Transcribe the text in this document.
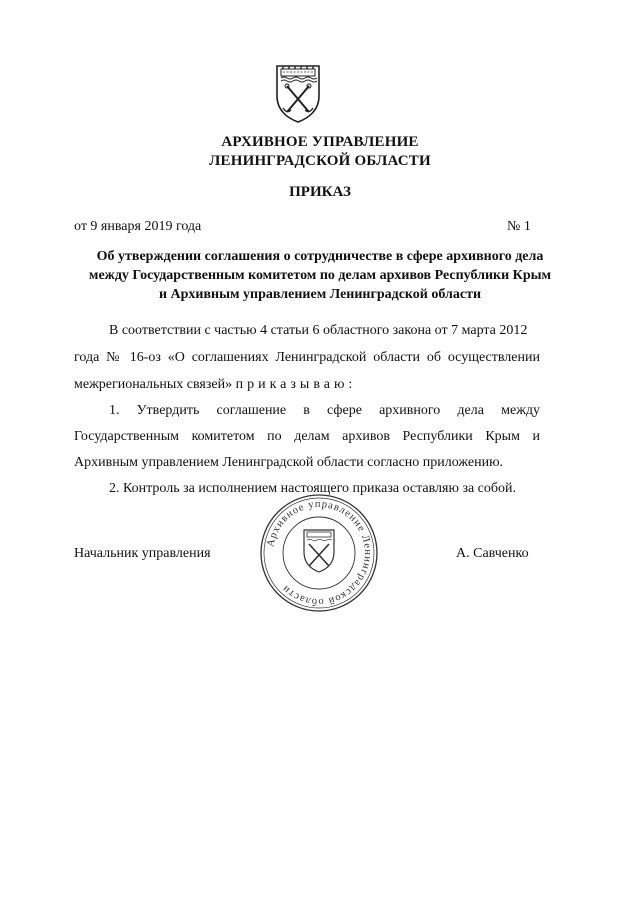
АРХИВНОЕ УПРАВЛЕНИЕ
ЛЕНИНГРАДСКОЙ ОБЛАСТИ
ПРИКАЗ
от 9 января 2019 года	№ 1
Об утверждении соглашения о сотрудничестве в сфере архивного дела
между Государственным комитетом по делам архивов Республики Крым
и Архивным управлением Ленинградской области
В соответствии с частью 4 статьи 6 областного закона от 7 марта 2012
года № 16-оз «О соглашениях Ленинградской области об осуществлении
межрегиональных связей» приказываю:
1. Утвердить соглашение в сфере архивного дела между
Государственным комитетом по делам архивов Республики Крым и
Архивным управлением Ленинградской области согласно приложению.
2. Контроль за исполнением настоящего приказа оставляю за собой.
Архивное управление Ленинградской области
Начальник управления	А. Савченко
